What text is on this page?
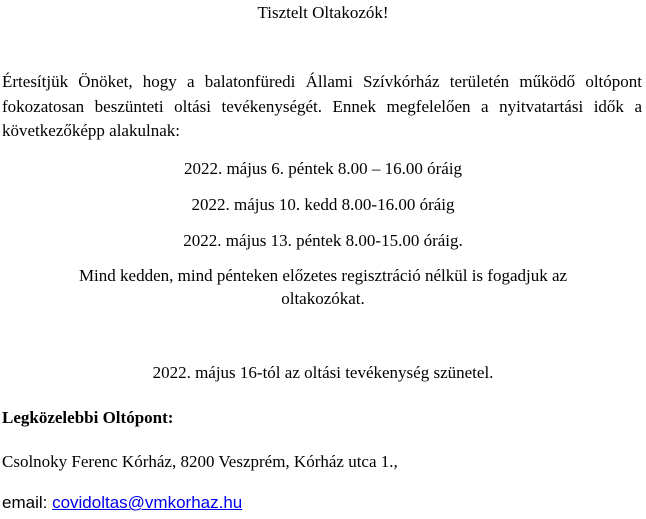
Tisztelt Oltakozók!

Értesítjük Önöket, hogy a balatonfüredi Állami Szívkórház területén működő oltópont fokozatosan beszünteti oltási tevékenységét. Ennek megfelelően a nyitvatartási idők a következőképp alakulnak:

2022. május 6. péntek 8.00 – 16.00 óráig
2022. május 10. kedd 8.00-16.00 óráig
2022. május 13. péntek 8.00-15.00 óráig.
Mind kedden, mind pénteken előzetes regisztráció nélkül is fogadjuk az
oltakozókat.
2022. május 16-tól az oltási tevékenység szünetel.
Legközelebbi Oltópont:
Csolnoky Ferenc Kórház, 8200 Veszprém, Kórház utca 1.,
email: covidoltas@vmkorhaz.hu
